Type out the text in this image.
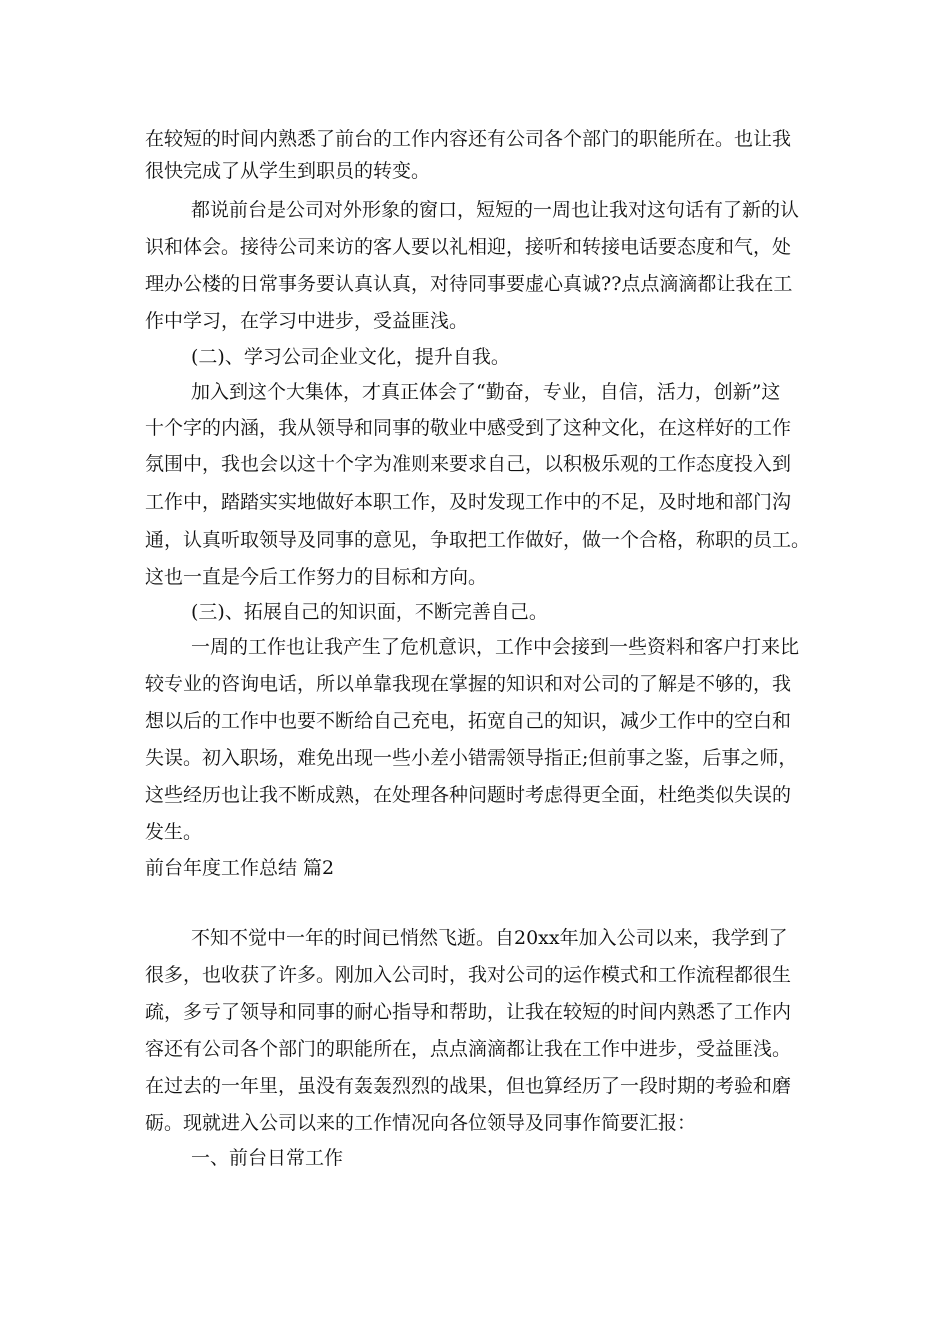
在较短的时间内熟悉了前台的工作内容还有公司各个部门的职能所在。也让我
很快完成了从学生到职员的转变。
都说前台是公司对外形象的窗口，短短的一周也让我对这句话有了新的认
识和体会。接待公司来访的客人要以礼相迎，接听和转接电话要态度和气，处
理办公楼的日常事务要认真认真，对待同事要虚心真诚??点点滴滴都让我在工
作中学习，在学习中进步，受益匪浅。
(二)、学习公司企业文化，提升自我。
加入到这个大集体，才真正体会了“勤奋，专业，自信，活力，创新”这
十个字的内涵，我从领导和同事的敬业中感受到了这种文化，在这样好的工作
氛围中，我也会以这十个字为准则来要求自己，以积极乐观的工作态度投入到
工作中，踏踏实实地做好本职工作，及时发现工作中的不足，及时地和部门沟
通，认真听取领导及同事的意见，争取把工作做好，做一个合格，称职的员工。
这也一直是今后工作努力的目标和方向。
(三)、拓展自己的知识面，不断完善自己。
一周的工作也让我产生了危机意识，工作中会接到一些资料和客户打来比
较专业的咨询电话，所以单靠我现在掌握的知识和对公司的了解是不够的，我
想以后的工作中也要不断给自己充电，拓宽自己的知识，减少工作中的空白和
失误。初入职场，难免出现一些小差小错需领导指正;但前事之鉴，后事之师，
这些经历也让我不断成熟，在处理各种问题时考虑得更全面，杜绝类似失误的
发生。
前台年度工作总结 篇2
不知不觉中一年的时间已悄然飞逝。自20xx年加入公司以来，我学到了
很多，也收获了许多。刚加入公司时，我对公司的运作模式和工作流程都很生
疏，多亏了领导和同事的耐心指导和帮助，让我在较短的时间内熟悉了工作内
容还有公司各个部门的职能所在，点点滴滴都让我在工作中进步，受益匪浅。
在过去的一年里，虽没有轰轰烈烈的战果，但也算经历了一段时期的考验和磨
砺。现就进入公司以来的工作情况向各位领导及同事作简要汇报：
一、前台日常工作
